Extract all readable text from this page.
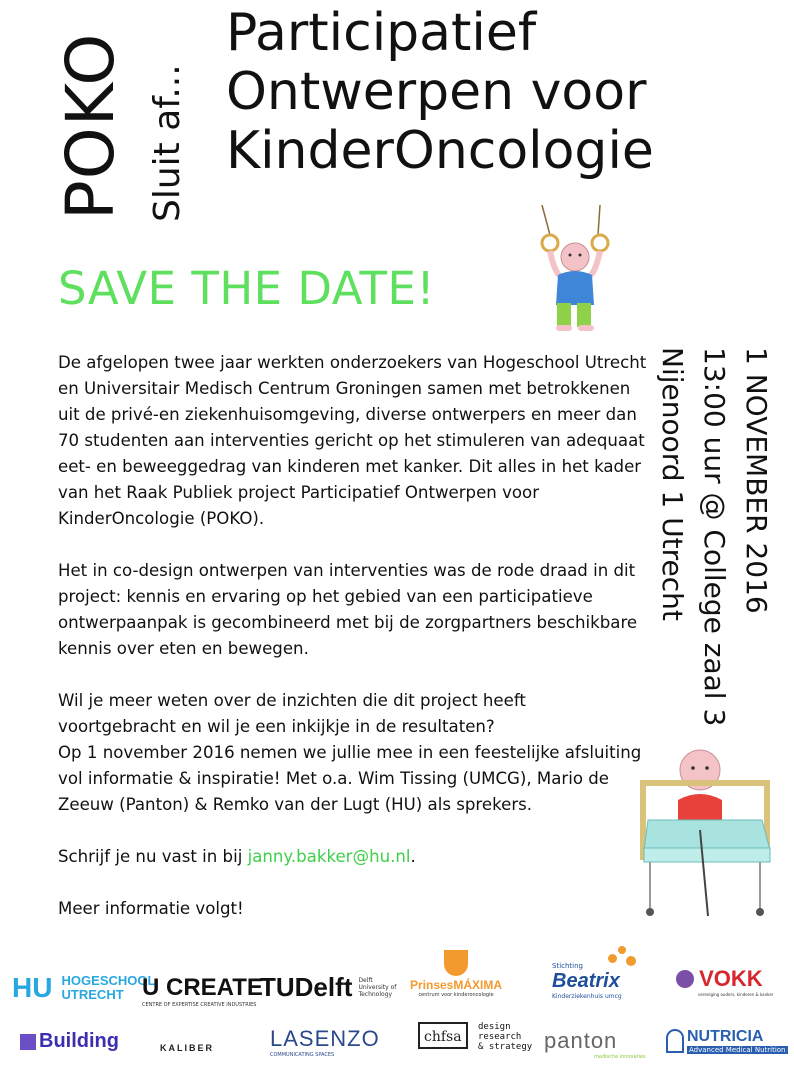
POKO Sluit af...
Participatief
Ontwerpen voor
KinderOncologie
SAVE THE DATE!

De afgelopen twee jaar werkten onderzoekers van Hogeschool Utrecht en Universitair Medisch Centrum Groningen samen met betrokkenen uit de privé-en ziekenhuisomgeving, diverse ontwerpers en meer dan 70 studenten aan interventies gericht op het stimuleren van adequaat eet- en beweeggedrag van kinderen met kanker. Dit alles in het kader van het Raak Publiek project Participatief Ontwerpen voor KinderOncologie (POKO).

Het in co-design ontwerpen van interventies was de rode draad in dit project: kennis en ervaring op het gebied van een participatieve ontwerpaanpak is gecombineerd met bij de zorgpartners beschikbare kennis over eten en bewegen.

Wil je meer weten over de inzichten die dit project heeft voortgebracht en wil je een inkijkje in de resultaten?
Op 1 november 2016 nemen we jullie mee in een feestelijke afsluiting vol informatie & inspiratie! Met o.a. Wim Tissing (UMCG), Mario de Zeeuw (Panton) & Remko van der Lugt (HU) als sprekers.

Schrijf je nu vast in bij janny.bakker@hu.nl.

Meer informatie volgt!

1 NOVEMBER 2016
13:00 uur @ College zaal 3
Nijenoord 1 Utrecht
HU HOGESCHOOL
UTRECHT U CREATE
CENTRE OF EXPERTISE CREATIVE INDUSTRIES
TUDelft Delft
University of
Technology
PrinsesMÁXIMA
centrum voor kinderoncologie
Stichting
Beatrix
Kinderziekenhuis umcg
VOKK
vereniging ouders, kinderen & kanker
Building	KALIBER	LASENZO
COMMUNICATING SPACES
chfsa
design
research
& strategy panton
medische innovaties
NUTRICIA
Advanced Medical Nutrition
